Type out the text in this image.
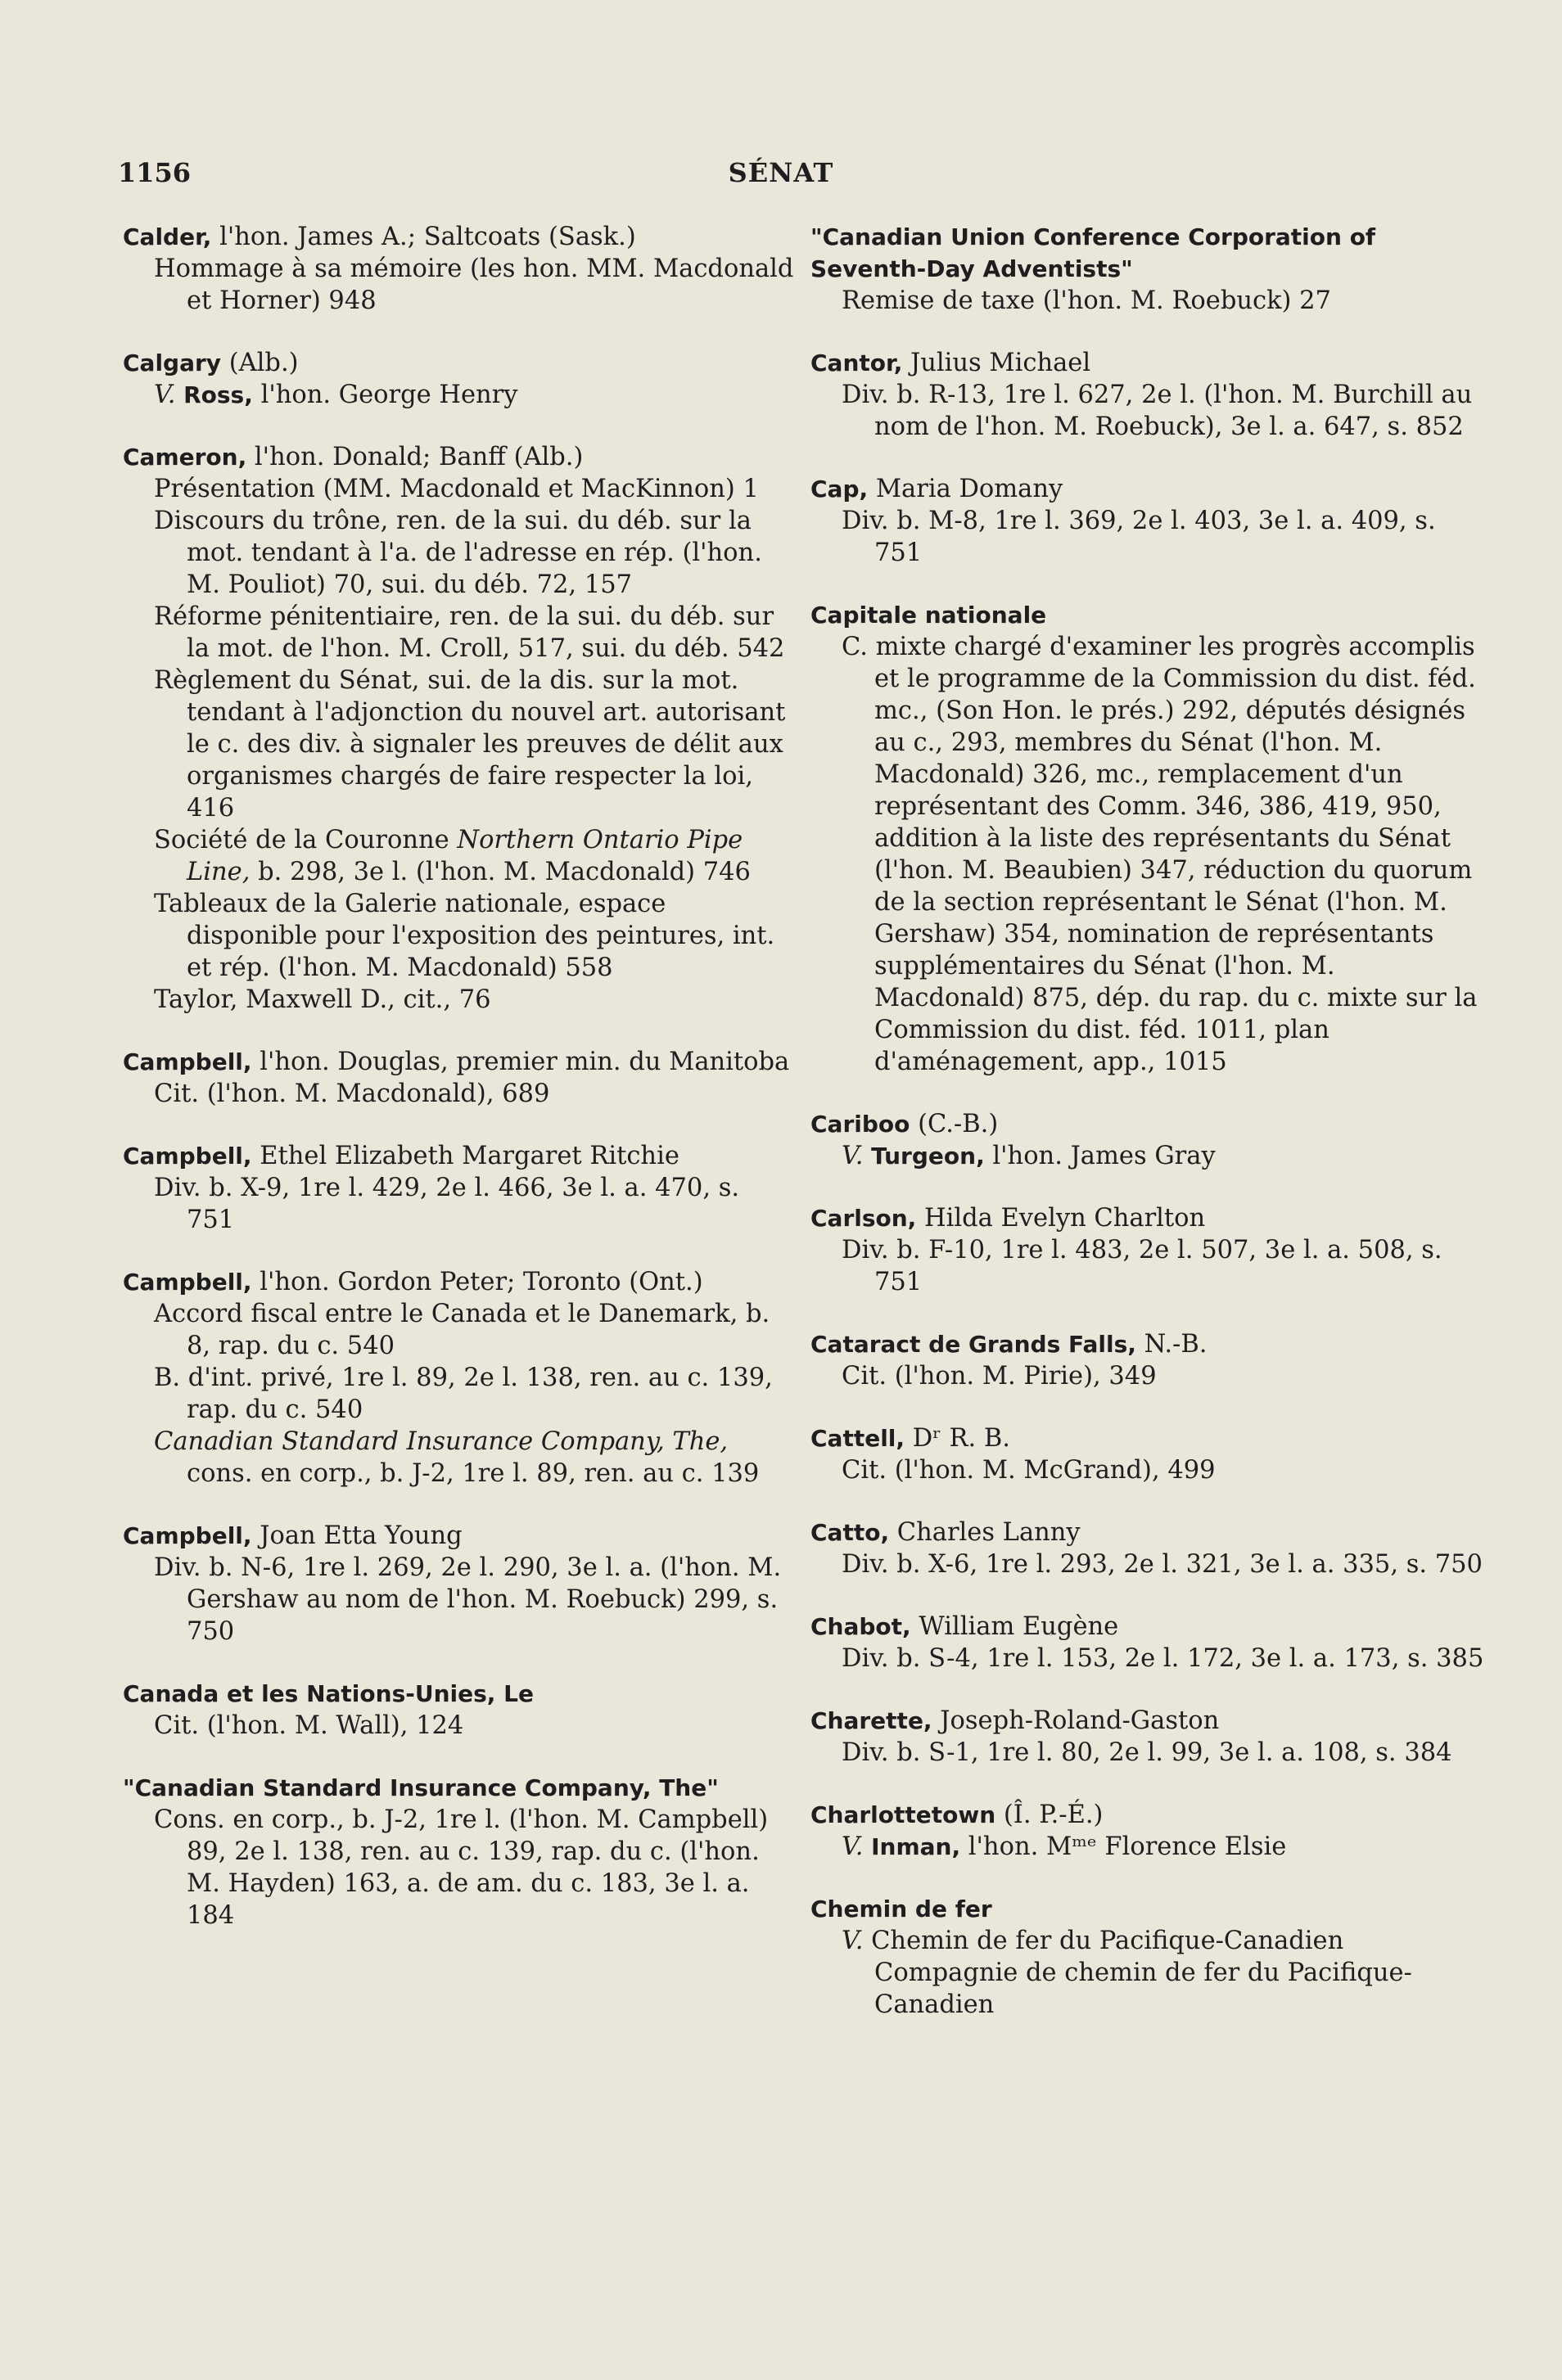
1156	SÉNAT
Calder, l'hon. James A.; Saltcoats (Sask.)
Hommage à sa mémoire (les hon. MM. Macdonald et Horner) 948
Calgary (Alb.)
V. Ross, l'hon. George Henry
Cameron, l'hon. Donald; Banff (Alb.)
Présentation (MM. Macdonald et MacKinnon) 1
Discours du trône, ren. de la sui. du déb. sur la mot. tendant à l'a. de l'adresse en rép. (l'hon. M. Pouliot) 70, sui. du déb. 72, 157
Réforme pénitentiaire, ren. de la sui. du déb. sur la mot. de l'hon. M. Croll, 517, sui. du déb. 542
Règlement du Sénat, sui. de la dis. sur la mot. tendant à l'adjonction du nouvel art. autorisant le c. des div. à signaler les preuves de délit aux organismes chargés de faire respecter la loi, 416
Société de la Couronne Northern Ontario Pipe Line, b. 298, 3e l. (l'hon. M. Macdonald) 746
Tableaux de la Galerie nationale, espace disponible pour l'exposition des peintures, int. et rép. (l'hon. M. Macdonald) 558
Taylor, Maxwell D., cit., 76
Campbell, l'hon. Douglas, premier min. du Manitoba
Cit. (l'hon. M. Macdonald), 689
Campbell, Ethel Elizabeth Margaret Ritchie
Div. b. X-9, 1re l. 429, 2e l. 466, 3e l. a. 470, s. 751
Campbell, l'hon. Gordon Peter; Toronto (Ont.)
Accord fiscal entre le Canada et le Danemark, b. 8, rap. du c. 540
B. d'int. privé, 1re l. 89, 2e l. 138, ren. au c. 139, rap. du c. 540
Canadian Standard Insurance Company, The, cons. en corp., b. J-2, 1re l. 89, ren. au c. 139
Campbell, Joan Etta Young
Div. b. N-6, 1re l. 269, 2e l. 290, 3e l. a. (l'hon. M. Gershaw au nom de l'hon. M. Roebuck) 299, s. 750
Canada et les Nations-Unies, Le
Cit. (l'hon. M. Wall), 124
"Canadian Standard Insurance Company, The"
Cons. en corp., b. J-2, 1re l. (l'hon. M. Campbell) 89, 2e l. 138, ren. au c. 139, rap. du c. (l'hon. M. Hayden) 163, a. de am. du c. 183, 3e l. a. 184
"Canadian Union Conference Corporation of Seventh-Day Adventists"
Remise de taxe (l'hon. M. Roebuck) 27
Cantor, Julius Michael
Div. b. R-13, 1re l. 627, 2e l. (l'hon. M. Burchill au nom de l'hon. M. Roebuck), 3e l. a. 647, s. 852
Cap, Maria Domany
Div. b. M-8, 1re l. 369, 2e l. 403, 3e l. a. 409, s. 751
Capitale nationale
C. mixte chargé d'examiner les progrès accomplis et le programme de la Commission du dist. féd. mc., (Son Hon. le prés.) 292, députés désignés au c., 293, membres du Sénat (l'hon. M. Macdonald) 326, mc., remplacement d'un représentant des Comm. 346, 386, 419, 950, addition à la liste des représentants du Sénat (l'hon. M. Beaubien) 347, réduction du quorum de la section représentant le Sénat (l'hon. M. Gershaw) 354, nomination de représentants supplémentaires du Sénat (l'hon. M. Macdonald) 875, dép. du rap. du c. mixte sur la Commission du dist. féd. 1011, plan d'aménagement, app., 1015
Cariboo (C.-B.)
V. Turgeon, l'hon. James Gray
Carlson, Hilda Evelyn Charlton
Div. b. F-10, 1re l. 483, 2e l. 507, 3e l. a. 508, s. 751
Cataract de Grands Falls, N.-B.
Cit. (l'hon. M. Pirie), 349
Cattell, Dʳ R. B.
Cit. (l'hon. M. McGrand), 499
Catto, Charles Lanny
Div. b. X-6, 1re l. 293, 2e l. 321, 3e l. a. 335, s. 750
Chabot, William Eugène
Div. b. S-4, 1re l. 153, 2e l. 172, 3e l. a. 173, s. 385
Charette, Joseph-Roland-Gaston
Div. b. S-1, 1re l. 80, 2e l. 99, 3e l. a. 108, s. 384
Charlottetown (Î. P.-É.)
V. Inman, l'hon. Mᵐᵉ Florence Elsie
Chemin de fer
V. Chemin de fer du Pacifique-Canadien Compagnie de chemin de fer du Pacifique-Canadien
